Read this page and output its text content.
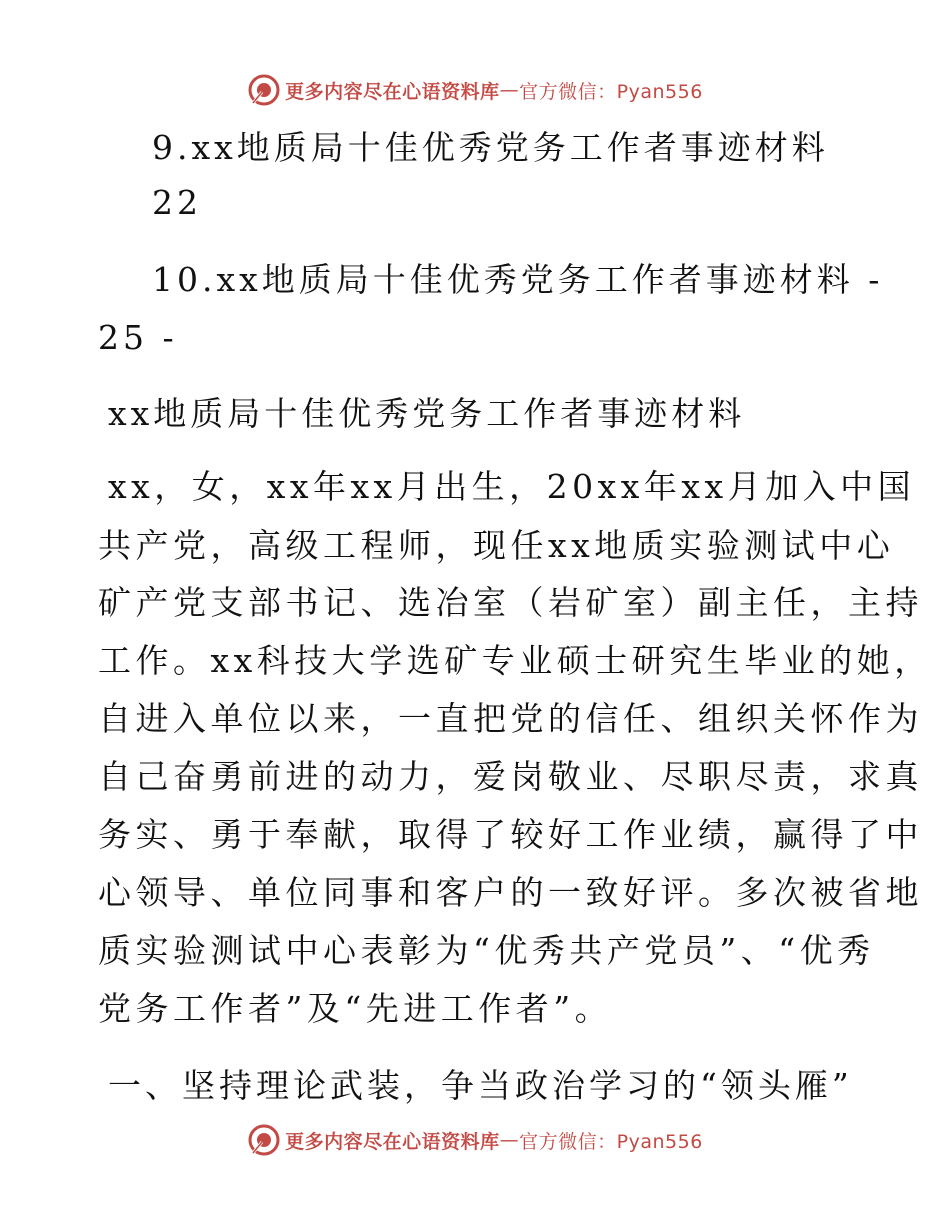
更多内容尽在心语资料库 — 官方微信：Pyan556
9.xx地质局十佳优秀党务工作者事迹材料
22
10.xx地质局十佳优秀党务工作者事迹材料 -
25 -
xx地质局十佳优秀党务工作者事迹材料
xx，女，xx年xx月出生，20xx年xx月加入中国
共产党，高级工程师，现任xx地质实验测试中心
矿产党支部书记、选冶室（岩矿室）副主任，主持
工作。xx科技大学选矿专业硕士研究生毕业的她，
自进入单位以来，一直把党的信任、组织关怀作为
自己奋勇前进的动力，爱岗敬业、尽职尽责，求真
务实、勇于奉献，取得了较好工作业绩，赢得了中
心领导、单位同事和客户的一致好评。多次被省地
质实验测试中心表彰为“优秀共产党员”、“优秀
党务工作者”及“先进工作者”。
一、坚持理论武装，争当政治学习的“领头雁”
更多内容尽在心语资料库 — 官方微信：Pyan556
